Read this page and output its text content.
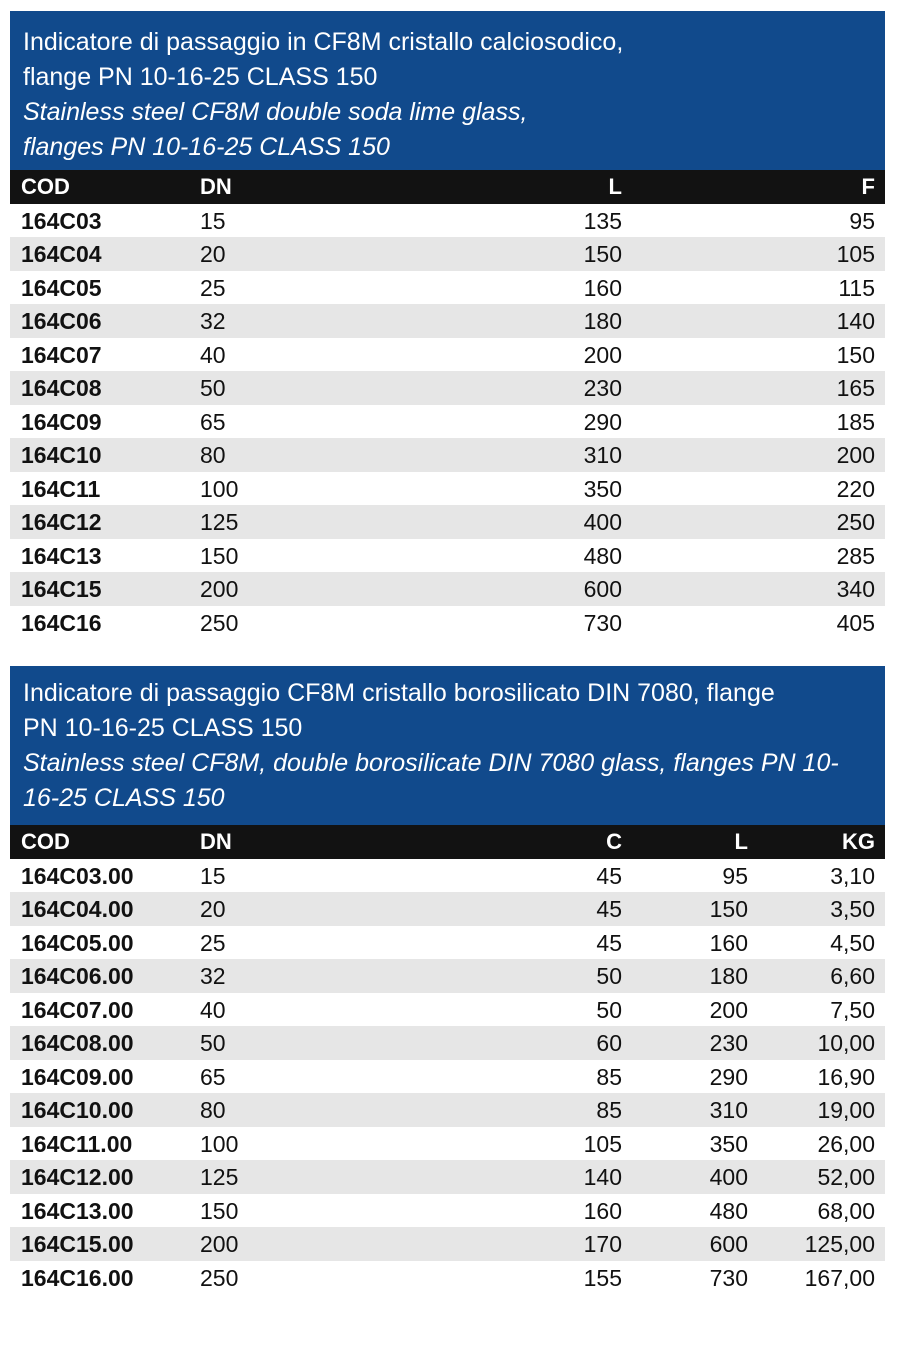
Indicatore di passaggio in CF8M cristallo calciosodico,
flange PN 10-16-25 CLASS 150
Stainless steel CF8M double soda lime glass,
flanges PN 10-16-25 CLASS 150
COD	DN	L	F
164C03	15	135	95
164C04	20	150	105
164C05	25	160	115
164C06	32	180	140
164C07	40	200	150
164C08	50	230	165
164C09	65	290	185
164C10	80	310	200
164C11	100	350	220
164C12	125	400	250
164C13	150	480	285
164C15	200	600	340
164C16	250	730	405
Indicatore di passaggio CF8M cristallo borosilicato DIN 7080, flange
PN 10-16-25 CLASS 150
Stainless steel CF8M, double borosilicate DIN 7080 glass, flanges PN 10-
16-25 CLASS 150
COD	DN	C	L	KG
164C03.00	15	45	95	3,10
164C04.00	20	45	150	3,50
164C05.00	25	45	160	4,50
164C06.00	32	50	180	6,60
164C07.00	40	50	200	7,50
164C08.00	50	60	230	10,00
164C09.00	65	85	290	16,90
164C10.00	80	85	310	19,00
164C11.00	100	105	350	26,00
164C12.00	125	140	400	52,00
164C13.00	150	160	480	68,00
164C15.00	200	170	600 125,00
164C16.00	250	155	730 167,00
